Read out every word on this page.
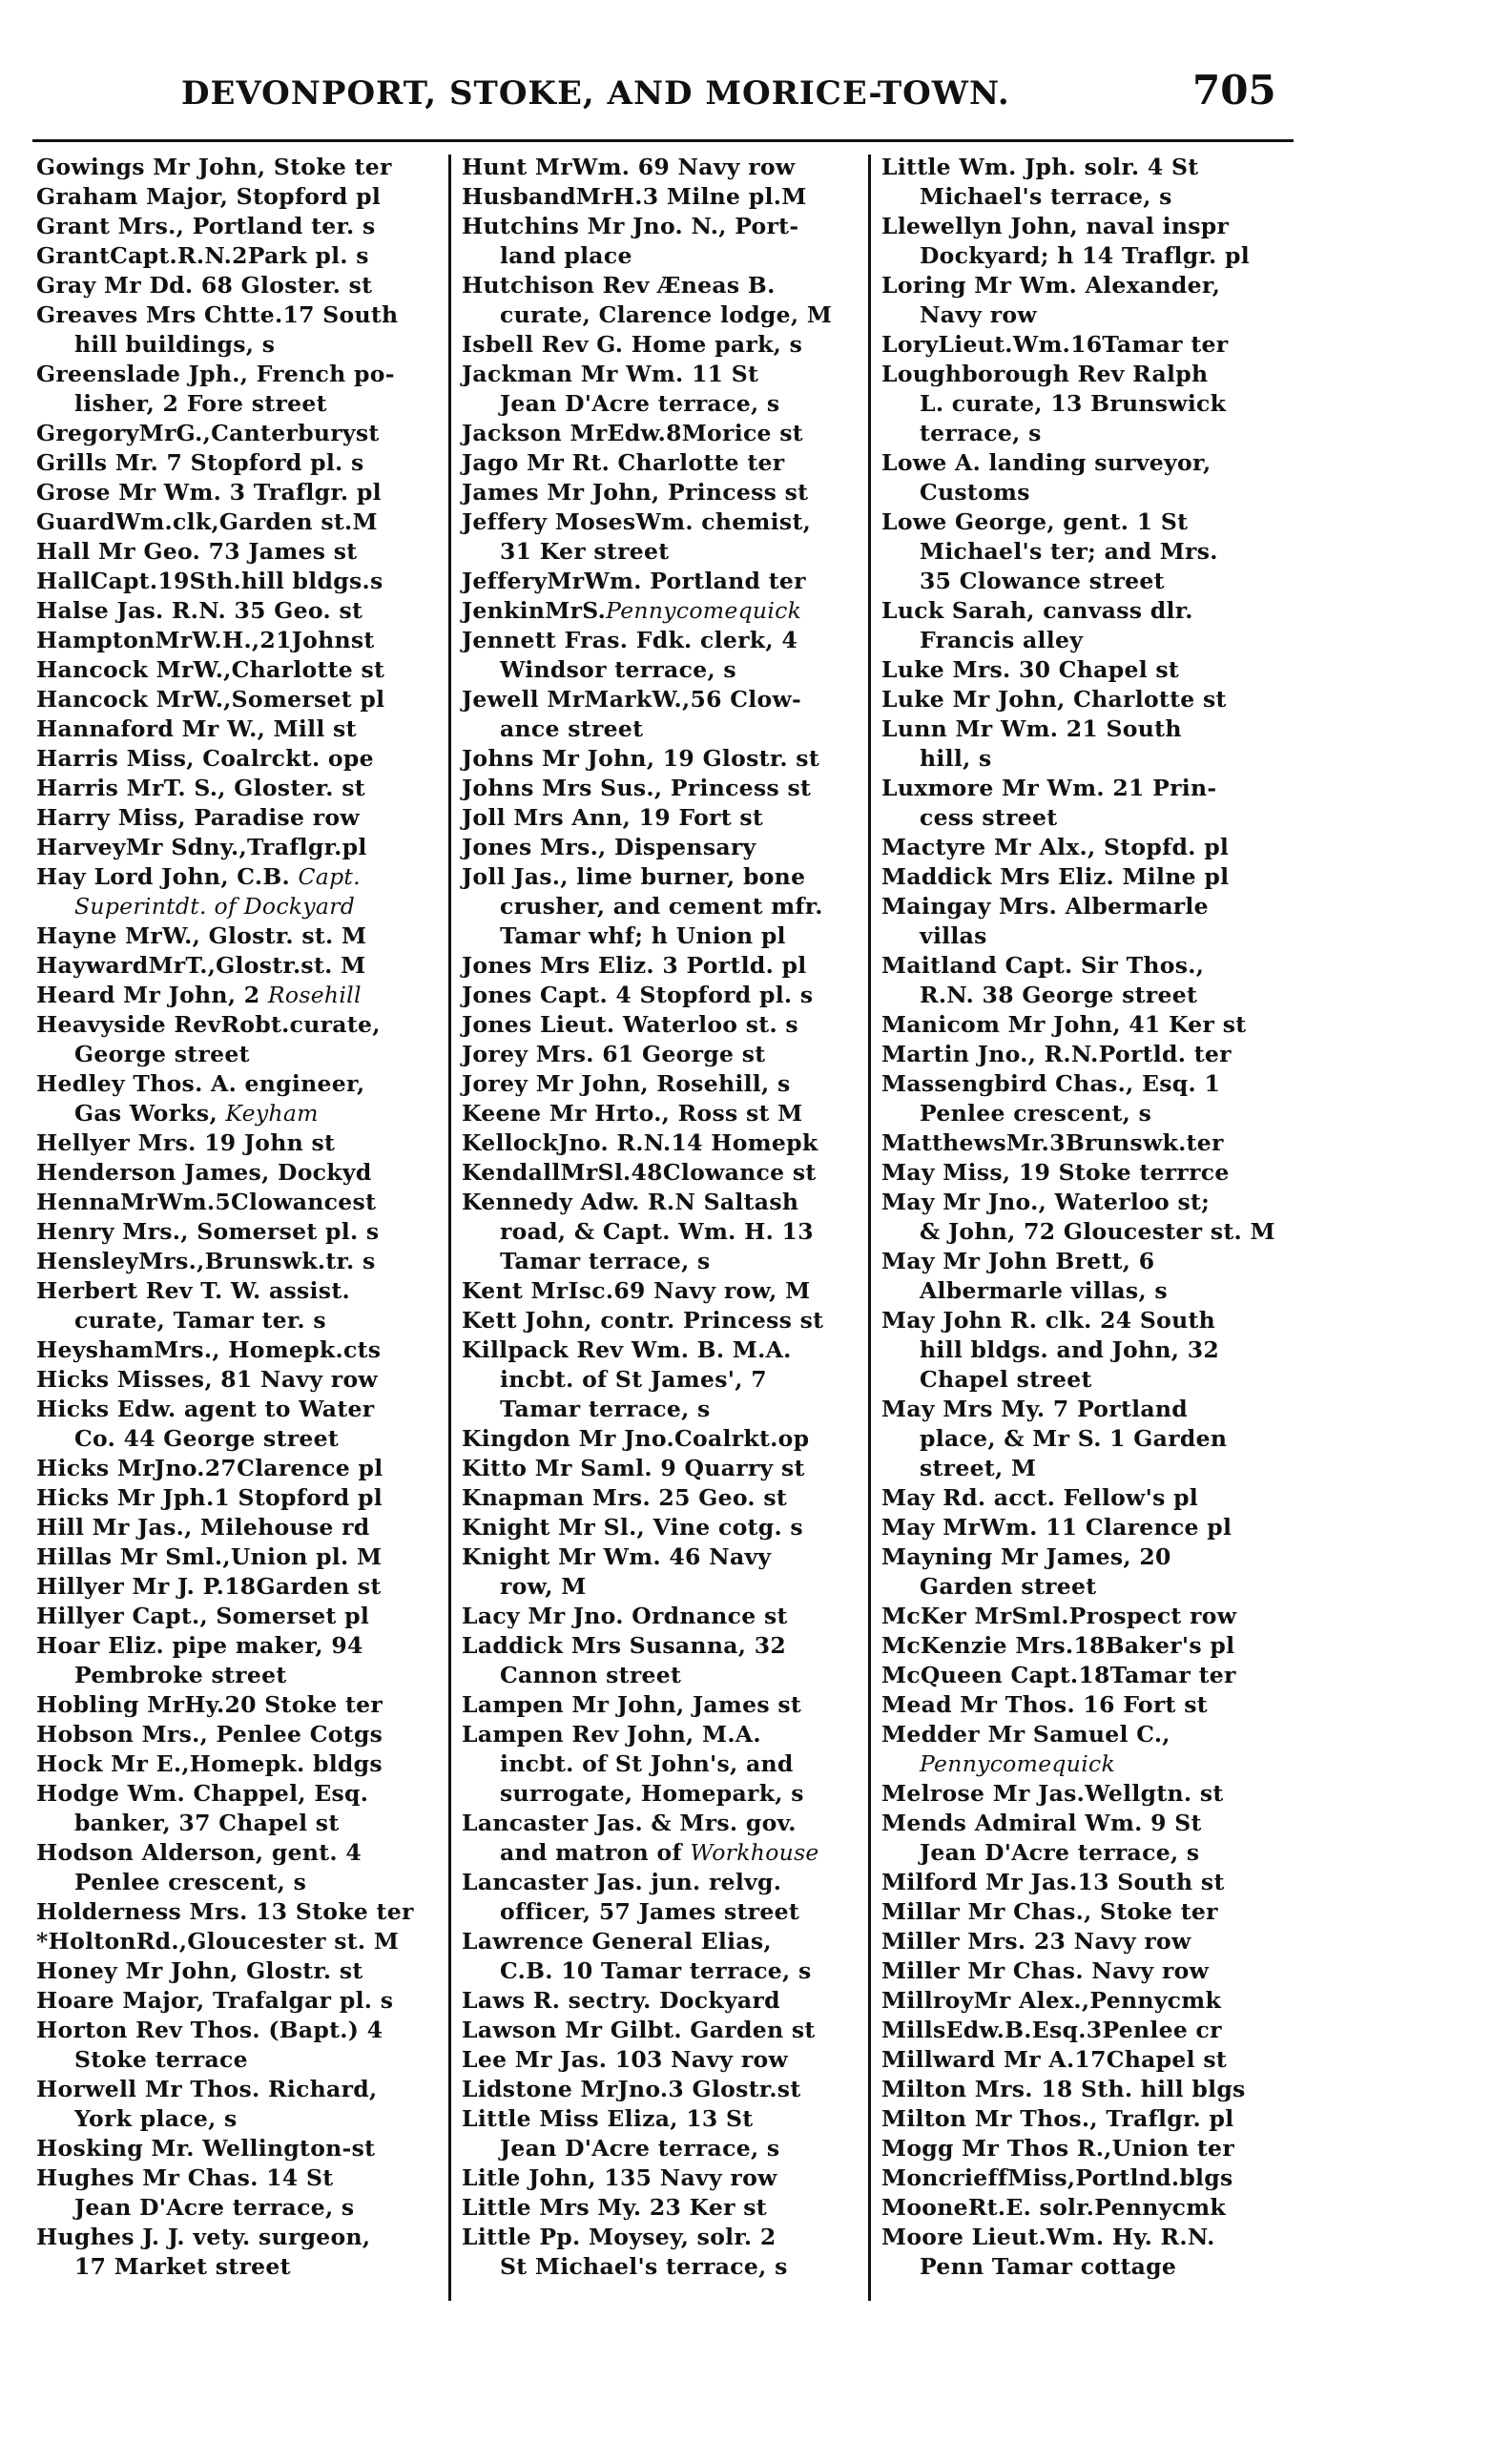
DEVONPORT, STOKE, AND MORICE-TOWN.	705
Gowings Mr John, Stoke ter
Graham Major, Stopford pl
Grant Mrs., Portland ter. s
GrantCapt.R.N.2Park pl. s
Gray Mr Dd. 68 Gloster. st
Greaves Mrs Chtte.17 South
hill buildings, s
Greenslade Jph., French po-
lisher, 2 Fore street
GregoryMrG.,Canterburyst
Grills Mr. 7 Stopford pl. s
Grose Mr Wm. 3 Traflgr. pl
GuardWm.clk,Garden st.M
Hall Mr Geo. 73 James st
HallCapt.19Sth.hill bldgs.s
Halse Jas. R.N. 35 Geo. st
HamptonMrW.H.,21Johnst
Hancock MrW.,Charlotte st
Hancock MrW.,Somerset pl
Hannaford Mr W., Mill st
Harris Miss, Coalrckt. ope
Harris MrT. S., Gloster. st
Harry Miss, Paradise row
HarveyMr Sdny.,Traflgr.pl
Hay Lord John, C.B. Capt.
Superintdt. of Dockyard
Hayne MrW., Glostr. st. M
HaywardMrT.,Glostr.st. M
Heard Mr John, 2 Rosehill
Heavyside RevRobt.curate,
George street
Hedley Thos. A. engineer,
Gas Works, Keyham
Hellyer Mrs. 19 John st
Henderson James, Dockyd
HennaMrWm.5Clowancest
Henry Mrs., Somerset pl. s
HensleyMrs.,Brunswk.tr. s
Herbert Rev T. W. assist.
curate, Tamar ter. s
HeyshamMrs., Homepk.cts
Hicks Misses, 81 Navy row
Hicks Edw. agent to Water
Co. 44 George street
Hicks MrJno.27Clarence pl
Hicks Mr Jph.1 Stopford pl
Hill Mr Jas., Milehouse rd
Hillas Mr Sml.,Union pl. M
Hillyer Mr J. P.18Garden st
Hillyer Capt., Somerset pl
Hoar Eliz. pipe maker, 94
Pembroke street
Hobling MrHy.20 Stoke ter
Hobson Mrs., Penlee Cotgs
Hock Mr E.,Homepk. bldgs
Hodge Wm. Chappel, Esq.
banker, 37 Chapel st
Hodson Alderson, gent. 4
Penlee crescent, s
Holderness Mrs. 13 Stoke ter
*HoltonRd.,Gloucester st. M
Honey Mr John, Glostr. st
Hoare Major, Trafalgar pl. s
Horton Rev Thos. (Bapt.) 4
Stoke terrace
Horwell Mr Thos. Richard,
York place, s
Hosking Mr. Wellington-st
Hughes Mr Chas. 14 St
Jean D'Acre terrace, s
Hughes J. J. vety. surgeon,
17 Market street
Hunt MrWm. 69 Navy row
HusbandMrH.3 Milne pl.M
Hutchins Mr Jno. N., Port-
land place
Hutchison Rev Æneas B.
curate, Clarence lodge, M
Isbell Rev G. Home park, s
Jackman Mr Wm. 11 St
Jean D'Acre terrace, s
Jackson MrEdw.8Morice st
Jago Mr Rt. Charlotte ter
James Mr John, Princess st
Jeffery MosesWm. chemist,
31 Ker street
JefferyMrWm. Portland ter
JenkinMrS.Pennycomequick
Jennett Fras. Fdk. clerk, 4
Windsor terrace, s
Jewell MrMarkW.,56 Clow-
ance street
Johns Mr John, 19 Glostr. st
Johns Mrs Sus., Princess st
Joll Mrs Ann, 19 Fort st
Jones Mrs., Dispensary
Joll Jas., lime burner, bone
crusher, and cement mfr.
Tamar whf; h Union pl
Jones Mrs Eliz. 3 Portld. pl
Jones Capt. 4 Stopford pl. s
Jones Lieut. Waterloo st. s
Jorey Mrs. 61 George st
Jorey Mr John, Rosehill, s
Keene Mr Hrto., Ross st M
KellockJno. R.N.14 Homepk
KendallMrSl.48Clowance st
Kennedy Adw. R.N Saltash
road, & Capt. Wm. H. 13
Tamar terrace, s
Kent MrIsc.69 Navy row, M
Kett John, contr. Princess st
Killpack Rev Wm. B. M.A.
incbt. of St James', 7
Tamar terrace, s
Kingdon Mr Jno.Coalrkt.op
Kitto Mr Saml. 9 Quarry st
Knapman Mrs. 25 Geo. st
Knight Mr Sl., Vine cotg. s
Knight Mr Wm. 46 Navy
row, M
Lacy Mr Jno. Ordnance st
Laddick Mrs Susanna, 32
Cannon street
Lampen Mr John, James st
Lampen Rev John, M.A.
incbt. of St John's, and
surrogate, Homepark, s
Lancaster Jas. & Mrs. gov.
and matron of Workhouse
Lancaster Jas. jun. relvg.
officer, 57 James street
Lawrence General Elias,
C.B. 10 Tamar terrace, s
Laws R. sectry. Dockyard
Lawson Mr Gilbt. Garden st
Lee Mr Jas. 103 Navy row
Lidstone MrJno.3 Glostr.st
Little Miss Eliza, 13 St
Jean D'Acre terrace, s
Litle John, 135 Navy row
Little Mrs My. 23 Ker st
Little Pp. Moysey, solr. 2
St Michael's terrace, s
Little Wm. Jph. solr. 4 St
Michael's terrace, s
Llewellyn John, naval inspr
Dockyard; h 14 Traflgr. pl
Loring Mr Wm. Alexander,
Navy row
LoryLieut.Wm.16Tamar ter
Loughborough Rev Ralph
L. curate, 13 Brunswick
terrace, s
Lowe A. landing surveyor,
Customs
Lowe George, gent. 1 St
Michael's ter; and Mrs.
35 Clowance street
Luck Sarah, canvass dlr.
Francis alley
Luke Mrs. 30 Chapel st
Luke Mr John, Charlotte st
Lunn Mr Wm. 21 South
hill, s
Luxmore Mr Wm. 21 Prin-
cess street
Mactyre Mr Alx., Stopfd. pl
Maddick Mrs Eliz. Milne pl
Maingay Mrs. Albermarle
villas
Maitland Capt. Sir Thos.,
R.N. 38 George street
Manicom Mr John, 41 Ker st
Martin Jno., R.N.Portld. ter
Massengbird Chas., Esq. 1
Penlee crescent, s
MatthewsMr.3Brunswk.ter
May Miss, 19 Stoke terrrce
May Mr Jno., Waterloo st;
& John, 72 Gloucester st. M
May Mr John Brett, 6
Albermarle villas, s
May John R. clk. 24 South
hill bldgs. and John, 32
Chapel street
May Mrs My. 7 Portland
place, & Mr S. 1 Garden
street, M
May Rd. acct. Fellow's pl
May MrWm. 11 Clarence pl
Mayning Mr James, 20
Garden street
McKer MrSml.Prospect row
McKenzie Mrs.18Baker's pl
McQueen Capt.18Tamar ter
Mead Mr Thos. 16 Fort st
Medder Mr Samuel C.,
Pennycomequick
Melrose Mr Jas.Wellgtn. st
Mends Admiral Wm. 9 St
Jean D'Acre terrace, s
Milford Mr Jas.13 South st
Millar Mr Chas., Stoke ter
Miller Mrs. 23 Navy row
Miller Mr Chas. Navy row
MillroyMr Alex.,Pennycmk
MillsEdw.B.Esq.3Penlee cr
Millward Mr A.17Chapel st
Milton Mrs. 18 Sth. hill blgs
Milton Mr Thos., Traflgr. pl
Mogg Mr Thos R.,Union ter
MoncrieffMiss,Portlnd.blgs
MooneRt.E. solr.Pennycmk
Moore Lieut.Wm. Hy. R.N.
Penn Tamar cottage
